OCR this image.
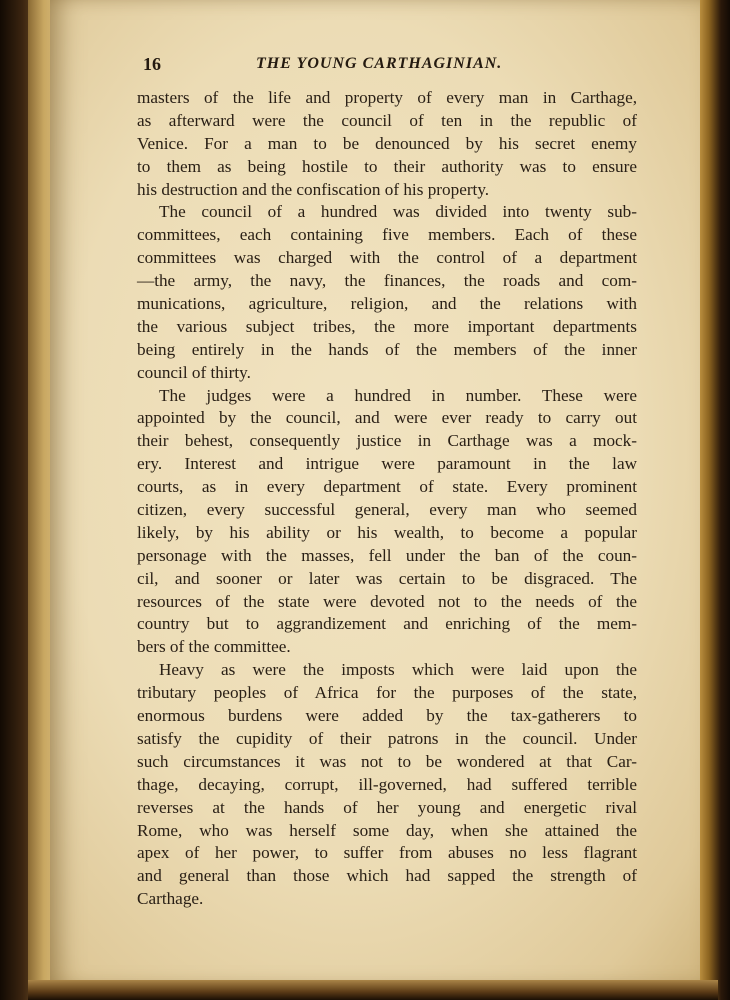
16	THE YOUNG CARTHAGINIAN.
masters of the life and property of every man in Carthage,
as afterward were the council of ten in the republic of
Venice. For a man to be denounced by his secret enemy
to them as being hostile to their authority was to ensure
his destruction and the confiscation of his property.
The council of a hundred was divided into twenty sub-
committees, each containing five members. Each of these
committees was charged with the control of a department
—the army, the navy, the finances, the roads and com-
munications, agriculture, religion, and the relations with
the various subject tribes, the more important departments
being entirely in the hands of the members of the inner
council of thirty.
The judges were a hundred in number. These were
appointed by the council, and were ever ready to carry out
their behest, consequently justice in Carthage was a mock-
ery. Interest and intrigue were paramount in the law
courts, as in every department of state. Every prominent
citizen, every successful general, every man who seemed
likely, by his ability or his wealth, to become a popular
personage with the masses, fell under the ban of the coun-
cil, and sooner or later was certain to be disgraced. The
resources of the state were devoted not to the needs of the
country but to aggrandizement and enriching of the mem-
bers of the committee.
Heavy as were the imposts which were laid upon the
tributary peoples of Africa for the purposes of the state,
enormous burdens were added by the tax-gatherers to
satisfy the cupidity of their patrons in the council. Under
such circumstances it was not to be wondered at that Car-
thage, decaying, corrupt, ill-governed, had suffered terrible
reverses at the hands of her young and energetic rival
Rome, who was herself some day, when she attained the
apex of her power, to suffer from abuses no less flagrant
and general than those which had sapped the strength of
Carthage.
